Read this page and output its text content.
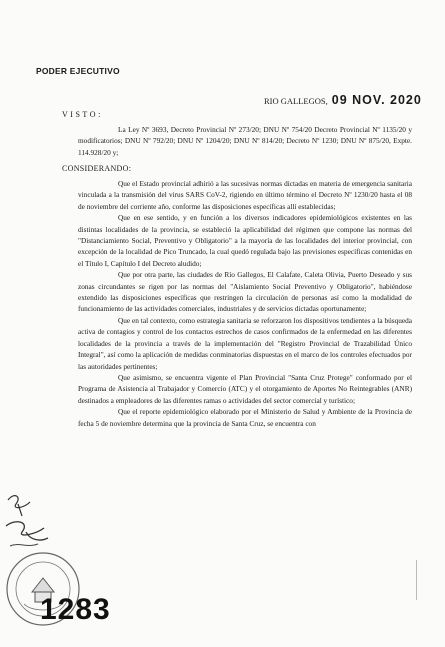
PODER EJECUTIVO
RIO GALLEGOS, 09 NOV. 2020
V I S T O :

La Ley Nº 3693, Decreto Provincial Nº 273/20; DNU Nº 754/20 Decreto Provincial Nº 1135/20 y modificatorios; DNU Nº 792/20; DNU Nº 1204/20; DNU Nº 814/20; Decreto Nº 1230; DNU Nº 875/20, Expte. 114.928/20 y;

CONSIDERANDO:

Que el Estado provincial adhirió a las sucesivas normas dictadas en materia de emergencia sanitaria vinculada a la transmisión del virus SARS CoV-2, rigiendo en último término el Decreto Nº 1230/20 hasta el 08 de noviembre del corriente año, conforme las disposiciones específicas allí establecidas;

Que en ese sentido, y en función a los diversos indicadores epidemiológicos existentes en las distintas localidades de la provincia, se estableció la aplicabilidad del régimen que compone las normas del "Distanciamiento Social, Preventivo y Obligatorio" a la mayoría de las localidades del interior provincial, con excepción de la localidad de Pico Truncado, la cual quedó regulada bajo las previsiones específicas contenidas en el Título I, Capítulo I del Decreto aludido;

Que por otra parte, las ciudades de Río Gallegos, El Calafate, Caleta Olivia, Puerto Deseado y sus zonas circundantes se rigen por las normas del "Aislamiento Social Preventivo y Obligatorio", habiéndose extendido las disposiciones específicas que restringen la circulación de personas así como la modalidad de funcionamiento de las actividades comerciales, industriales y de servicios dictadas oportunamente;

Que en tal contexto, como estrategia sanitaria se reforzaron los dispositivos tendientes a la búsqueda activa de contagios y control de los contactos estrechos de casos confirmados de la enfermedad en las diferentes localidades de la provincia a través de la implementación del "Registro Provincial de Trazabilidad Único Integral", así como la aplicación de medidas conminatorias dispuestas en el marco de los controles efectuados por las autoridades pertinentes;

Que asimismo, se encuentra vigente el Plan Provincial "Santa Cruz Protege" conformado por el Programa de Asistencia al Trabajador y Comercio (ATC) y el otorgamiento de Aportes No Reintegrables (ANR) destinados a empleadores de las diferentes ramas o actividades del sector comercial y turístico;

Que el reporte epidemiológico elaborado por el Ministerio de Salud y Ambiente de la Provincia de fecha 5 de noviembre determina que la provincia de Santa Cruz, se encuentra con

1283
